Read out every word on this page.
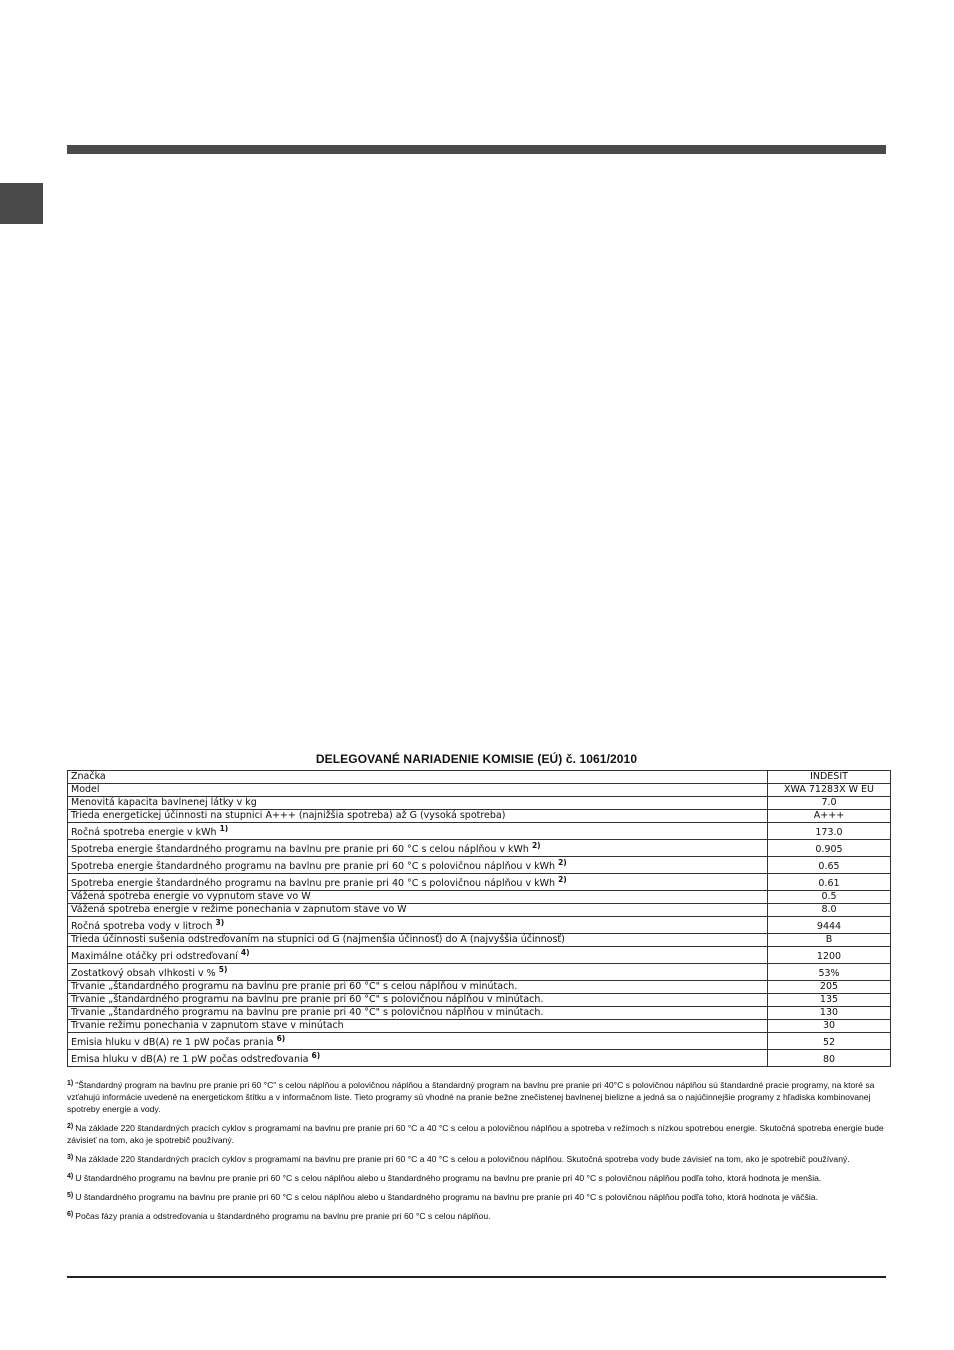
DELEGOVANÉ NARIADENIE KOMISIE (EÚ) č. 1061/2010
Značka	INDESIT
Model	XWA 71283X W EU
Menovitá kapacita bavlnenej látky v kg	7.0
Trieda energetickej účinnosti na stupnici A+++ (najnižšia spotreba) až G (vysoká spotreba)	A+++
Ročná spotreba energie v kWh $^{1)}$	173.0
Spotreba energie štandardného programu na bavlnu pre pranie pri 60 °C s celou náplňou v kWh $^{2)}$	0.905
Spotreba energie štandardného programu na bavlnu pre pranie pri 60 °C s polovičnou náplňou v kWh $^{2)}$	0.65
Spotreba energie štandardného programu na bavlnu pre pranie pri 40 °C s polovičnou náplňou v kWh $^{2)}$	0.61
Vážená spotreba energie vo vypnutom stave vo W	0.5
Vážená spotreba energie v režime ponechania v zapnutom stave vo W	8.0
Ročná spotreba vody v litroch $^{3)}$	9444
Trieda účinnosti sušenia odstreďovaním na stupnici od G (najmenšia účinnosť) do A (najvyššia účinnosť)	B
Maximálne otáčky pri odstreďovaní $^{4)}$	1200
Zostatkový obsah vlhkosti v % $^{5)}$	53%
Trvanie „štandardného programu na bavlnu pre pranie pri 60 °C" s celou náplňou v minútach.	205
Trvanie „štandardného programu na bavlnu pre pranie pri 60 °C" s polovičnou náplňou v minútach.	135
Trvanie „štandardného programu na bavlnu pre pranie pri 40 °C" s polovičnou náplňou v minútach.	130
Trvanie režimu ponechania v zapnutom stave v minútach	30
Emisia hluku v dB(A) re 1 pW počas prania $^{6)}$	52
Emisa hluku v dB(A) re 1 pW počas odstreďovania $^{6)}$	80
$^{1)}$ "Štandardný program na bavlnu pre pranie pri 60 °C" s celou náplňou a polovičnou náplňou a štandardný program na bavlnu pre pranie pri 40°C s polovičnou náplňou sú štandardné pracie programy, na ktoré sa vzťahujú informácie uvedené na energetickom štítku a v informačnom liste. Tieto programy sú vhodné na pranie bežne znečistenej bavlnenej bielizne a jedná sa o najúčinnejšie programy z hľadiska kombinovanej spotreby energie a vody.
$^{2)}$ Na základe 220 štandardných pracích cyklov s programami na bavlnu pre pranie pri 60 °C a 40 °C s celou a polovičnou náplňou a spotreba v režimoch s nízkou spotrebou energie. Skutočná spotreba energie bude závisieť na tom, ako je spotrebič používaný.
$^{3)}$ Na základe 220 štandardných pracích cyklov s programami na bavlnu pre pranie pri 60 °C a 40 °C s celou a polovičnou náplňou. Skutočná spotreba vody bude závisieť na tom, ako je spotrebič používaný.
$^{4)}$ U štandardného programu na bavlnu pre pranie pri 60 °C s celou náplňou alebo u štandardného programu na bavlnu pre pranie pri 40 °C s polovičnou náplňou podľa toho, ktorá hodnota je menšia.
$^{5)}$ U štandardného programu na bavlnu pre pranie pri 60 °C s celou náplňou alebo u štandardného programu na bavlnu pre pranie pri 40 °C s polovičnou náplňou podľa toho, ktorá hodnota je väčšia.
$^{6)}$ Počas fázy prania a odstreďovania u štandardného programu na bavlnu pre pranie pri 60 °C s celou náplňou.
